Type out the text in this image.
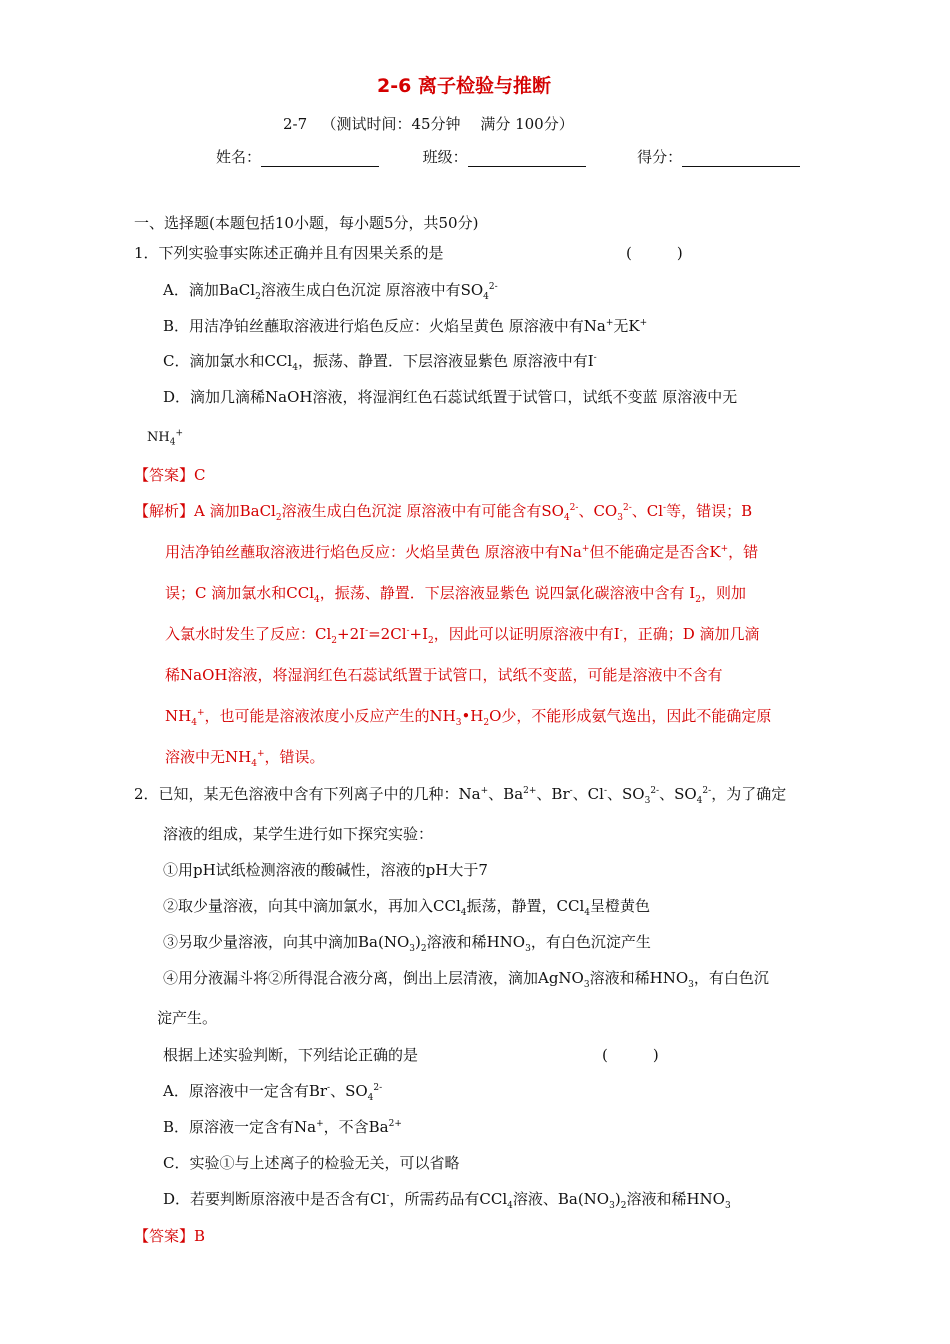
2-6 离子检验与推断
2-7 （测试时间：45分钟　 满分 100分）
姓名：	班级：	得分：
一、选择题(本题包括10小题，每小题5分，共50分)
1．下列实验事实陈述正确并且有因果关系的是	(　　　)
A．滴加BaCl$_2$溶液生成白色沉淀 原溶液中有$SO_4^{2-}$
B．用洁净铂丝蘸取溶液进行焰色反应：火焰呈黄色 原溶液中有Na+无K+
C．滴加氯水和CCl$_4$，振荡、静置．下层溶液显紫色 原溶液中有I-
D．滴加几滴稀NaOH溶液，将湿润红色石蕊试纸置于试管口，试纸不变蓝 原溶液中无
$NH_4^+$
【答案】C
【解析】A 滴加BaCl$_2$溶液生成白色沉淀 原溶液中有可能含有$SO_4^{2-}$、$CO_3^{2-}$、Cl-等，错误；B
用洁净铂丝蘸取溶液进行焰色反应：火焰呈黄色 原溶液中有Na+但不能确定是否含K+，错
误；C 滴加氯水和CCl$_4$，振荡、静置．下层溶液显紫色 说四氯化碳溶液中含有 $I_2$，则加
入氯水时发生了反应：$Cl_2+2I^-=2Cl^-+I_2$，因此可以证明原溶液中有I-，正确；D 滴加几滴
稀NaOH溶液，将湿润红色石蕊试纸置于试管口，试纸不变蓝，可能是溶液中不含有
$NH_4^+$，也可能是溶液浓度小反应产生的$NH_3•H_2O$少，不能形成氨气逸出，因此不能确定原
溶液中无$NH_4^+$，错误。
2．已知，某无色溶液中含有下列离子中的几种：Na+、$Ba^{2+}$、Br-、Cl-、$SO_3^{2-}$、$SO_4^{2-}$，为了确定
溶液的组成，某学生进行如下探究实验：
①用pH试纸检测溶液的酸碱性，溶液的pH大于7
②取少量溶液，向其中滴加氯水，再加入CCl$_4$振荡，静置，CCl$_4$呈橙黄色
③另取少量溶液，向其中滴加$Ba(NO_3)_2$溶液和稀$HNO_3$，有白色沉淀产生
④用分液漏斗将②所得混合液分离，倒出上层清液，滴加AgNO$_3$溶液和稀$HNO_3$，有白色沉
淀产生。
根据上述实验判断，下列结论正确的是	(　　　)
A．原溶液中一定含有Br-、$SO_4^{2-}$
B．原溶液一定含有Na+，不含$Ba^{2+}$
C．实验①与上述离子的检验无关，可以省略
D．若要判断原溶液中是否含有Cl-，所需药品有CCl$_4$溶液、$Ba(NO_3)_2$溶液和稀$HNO_3$
【答案】B
